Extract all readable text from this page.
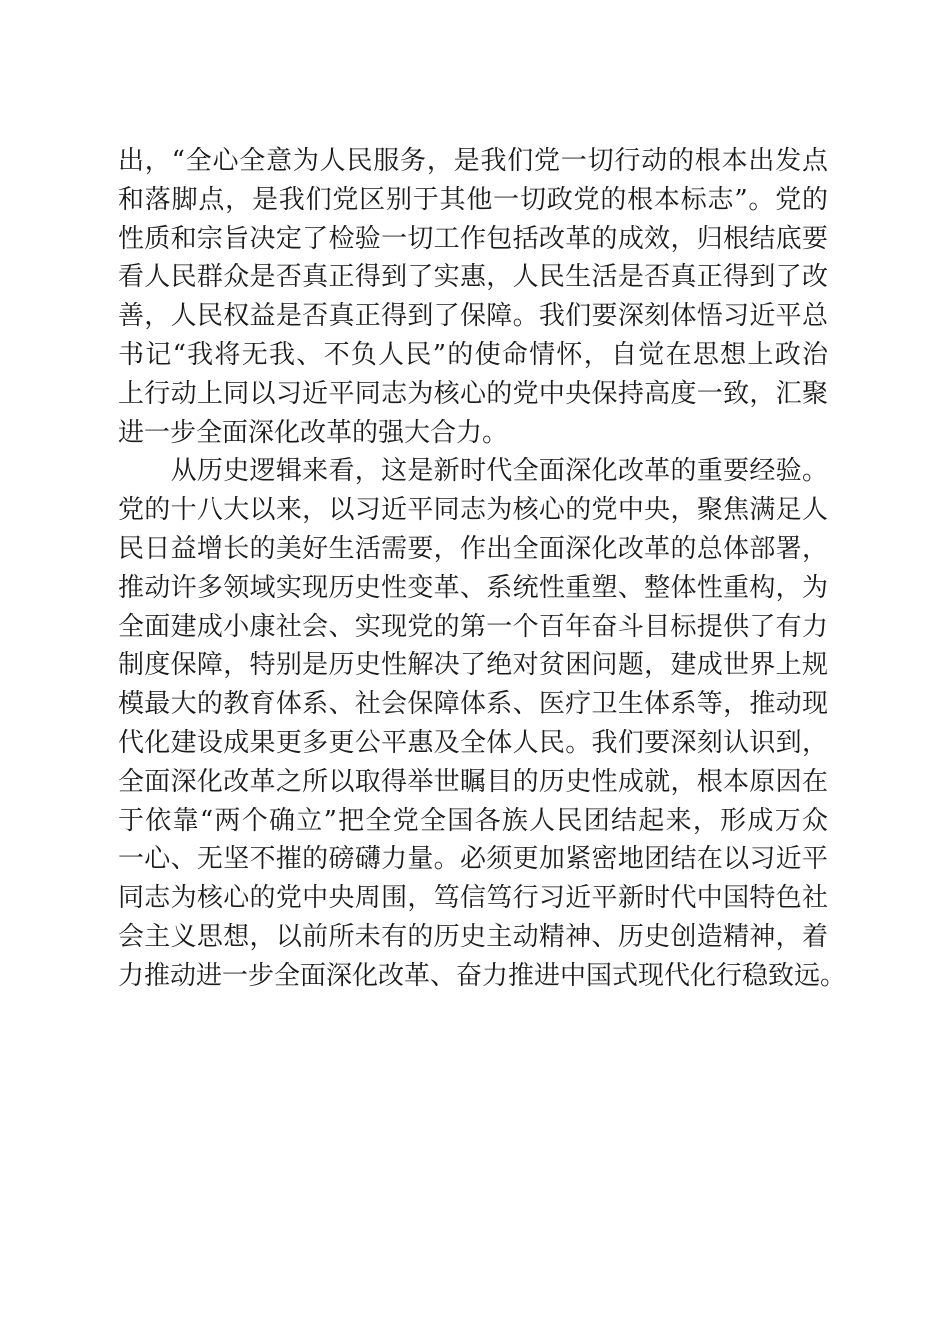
出，“全心全意为人民服务，是我们党一切行动的根本出发点
和落脚点，是我们党区别于其他一切政党的根本标志”。党的
性质和宗旨决定了检验一切工作包括改革的成效，归根结底要
看人民群众是否真正得到了实惠，人民生活是否真正得到了改
善，人民权益是否真正得到了保障。我们要深刻体悟习近平总
书记“我将无我、不负人民”的使命情怀，自觉在思想上政治
上行动上同以习近平同志为核心的党中央保持高度一致，汇聚
进一步全面深化改革的强大合力。
　　从历史逻辑来看，这是新时代全面深化改革的重要经验。
党的十八大以来，以习近平同志为核心的党中央，聚焦满足人
民日益增长的美好生活需要，作出全面深化改革的总体部署，
推动许多领域实现历史性变革、系统性重塑、整体性重构，为
全面建成小康社会、实现党的第一个百年奋斗目标提供了有力
制度保障，特别是历史性解决了绝对贫困问题，建成世界上规
模最大的教育体系、社会保障体系、医疗卫生体系等，推动现
代化建设成果更多更公平惠及全体人民。我们要深刻认识到，
全面深化改革之所以取得举世瞩目的历史性成就，根本原因在
于依靠“两个确立”把全党全国各族人民团结起来，形成万众
一心、无坚不摧的磅礴力量。必须更加紧密地团结在以习近平
同志为核心的党中央周围，笃信笃行习近平新时代中国特色社
会主义思想，以前所未有的历史主动精神、历史创造精神，着
力推动进一步全面深化改革、奋力推进中国式现代化行稳致远。
